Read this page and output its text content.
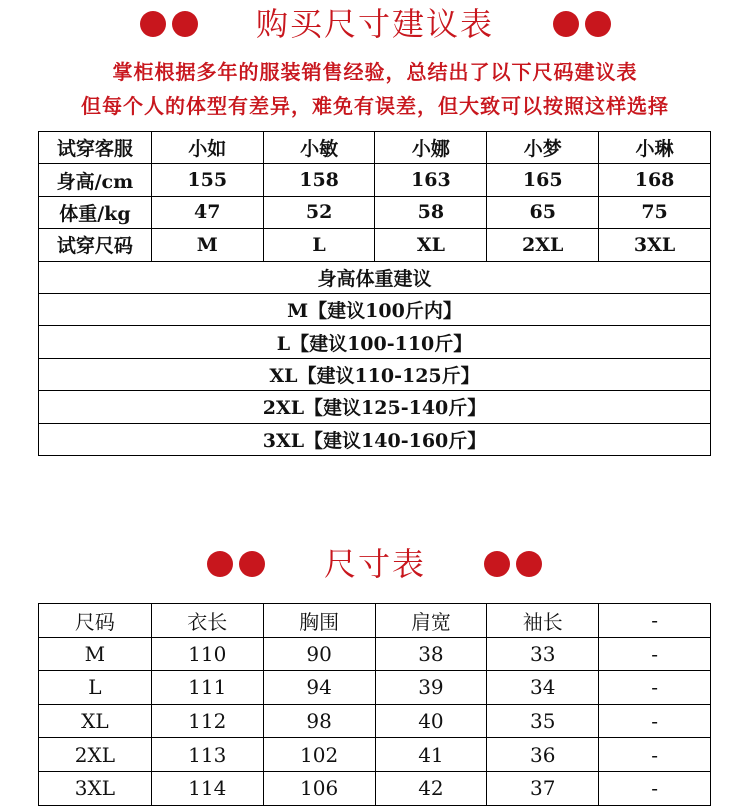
购买尺寸建议表
掌柜根据多年的服装销售经验，总结出了以下尺码建议表
但每个人的体型有差异，难免有误差，但大致可以按照这样选择
试穿客服	小如	小敏	小娜	小梦	小琳
身高/cm	155	158	163	165	168
体重/kg	47	52	58	65	75
试穿尺码	M	L	XL	2XL	3XL
身高体重建议					
M【建议100斤内】					
L【建议100-110斤】					
XL【建议110-125斤】					
2XL【建议125-140斤】					
3XL【建议140-160斤】					
尺寸表
尺码	衣长	胸围	肩宽	袖长	-
M	110	90	38	33	-
L	111	94	39	34	-
XL	112	98	40	35	-
2XL	113	102	41	36	-
3XL	114	106	42	37	-
